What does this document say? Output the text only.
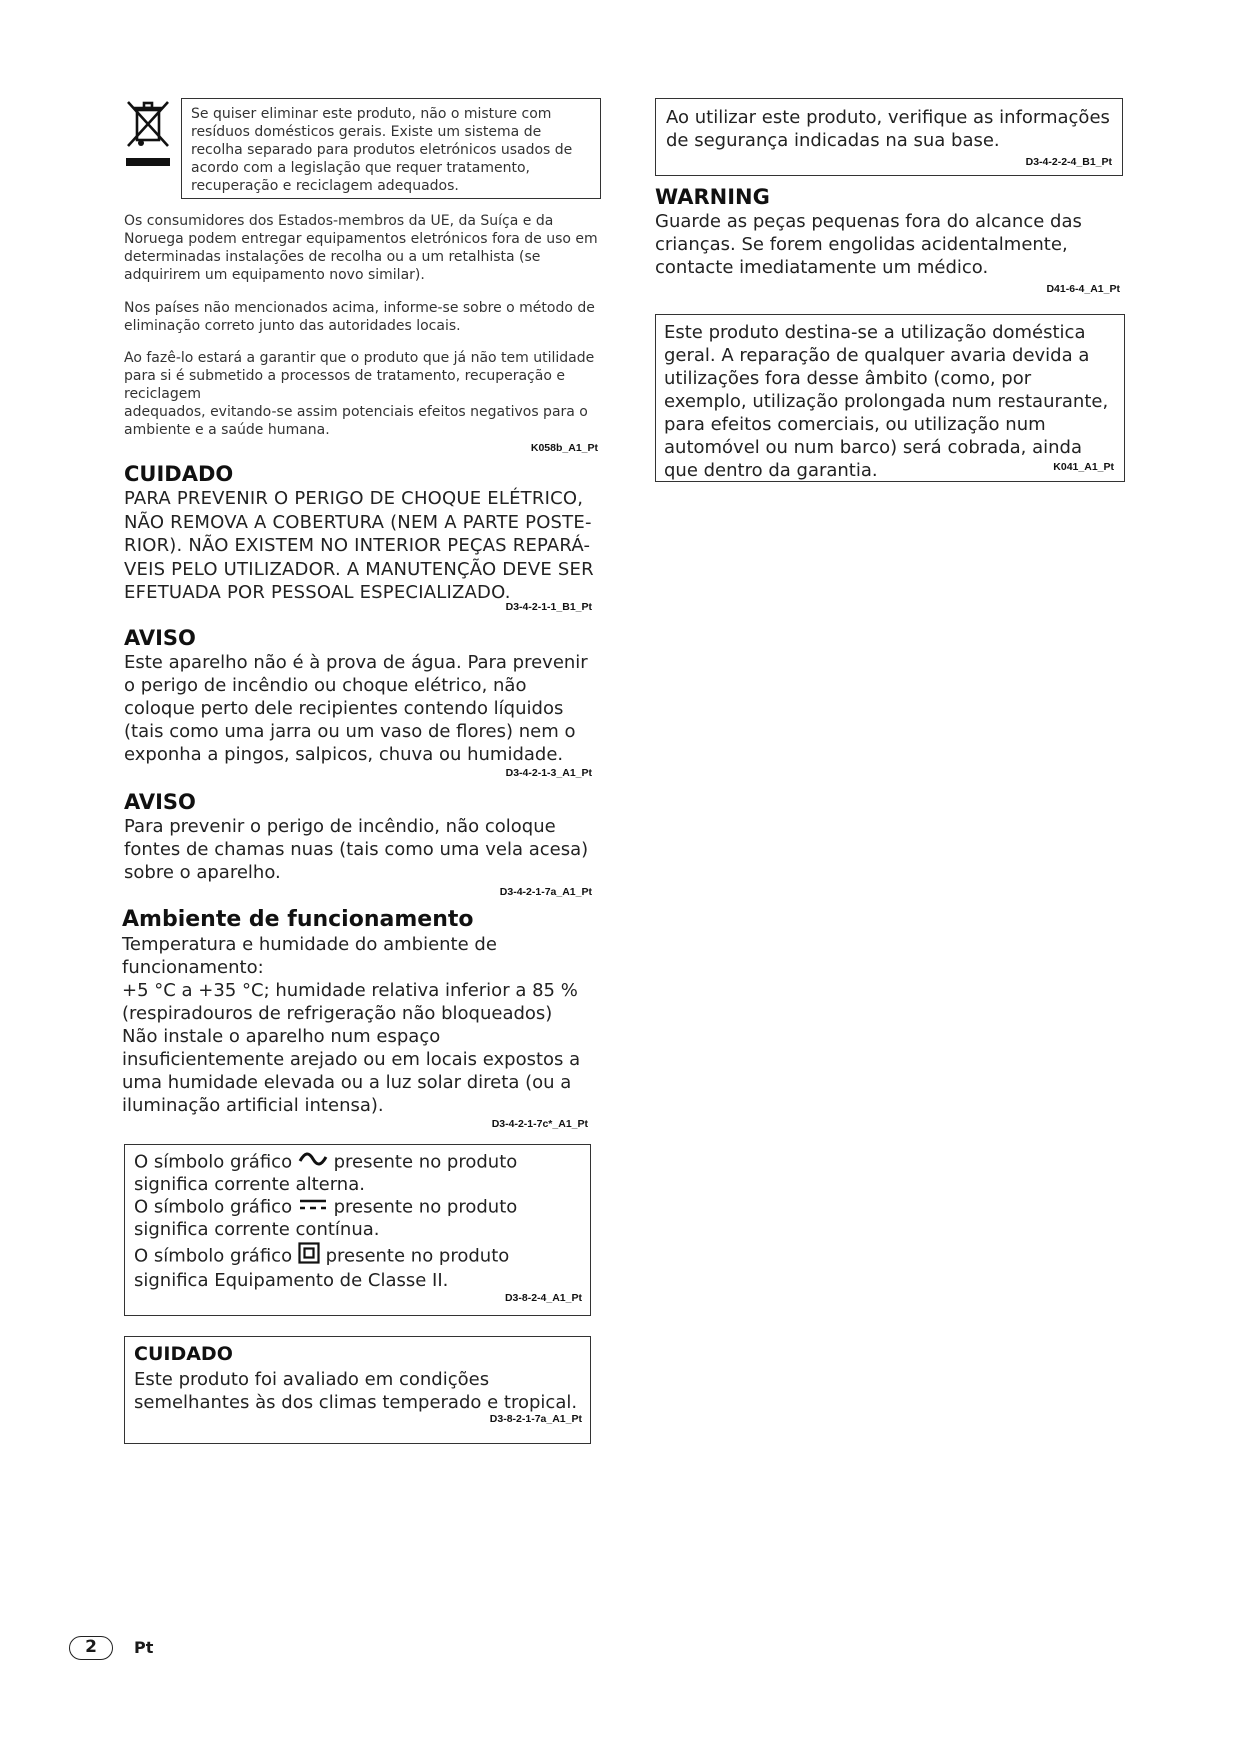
Se quiser eliminar este produto, não o misture com resíduos domésticos gerais. Existe um sistema de recolha separado para produtos eletrónicos usados de acordo com a legislação que requer tratamento, recuperação e reciclagem adequados.

Os consumidores dos Estados-membros da UE, da Suíça e da Noruega podem entregar equipamentos eletrónicos fora de uso em determinadas instalações de recolha ou a um retalhista (se adquirirem um equipamento novo similar).

Nos países não mencionados acima, informe-se sobre o método de eliminação correto junto das autoridades locais.

Ao fazê-lo estará a garantir que o produto que já não tem utilidade para si é submetido a processos de tratamento, recuperação e reciclagem

adequados, evitando-se assim potenciais efeitos negativos para o ambiente e a saúde humana.

K058b_A1_Pt
CUIDADO

PARA PREVENIR O PERIGO DE CHOQUE ELÉTRICO, NÃO REMOVA A COBERTURA (NEM A PARTE POSTE-RIOR). NÃO EXISTEM NO INTERIOR PEÇAS REPARÁ-VEIS PELO UTILIZADOR. A MANUTENÇÃO DEVE SER EFETUADA POR PESSOAL ESPECIALIZADO.

D3-4-2-1-1_B1_Pt
AVISO

Este aparelho não é à prova de água. Para prevenir o perigo de incêndio ou choque elétrico, não coloque perto dele recipientes contendo líquidos (tais como uma jarra ou um vaso de flores) nem o exponha a pingos, salpicos, chuva ou humidade.

D3-4-2-1-3_A1_Pt
AVISO

Para prevenir o perigo de incêndio, não coloque fontes de chamas nuas (tais como uma vela acesa) sobre o aparelho.

D3-4-2-1-7a_A1_Pt
Ambiente de funcionamento

Temperatura e humidade do ambiente de funcionamento:

+5 °C a +35 °C; humidade relativa inferior a 85 % (respiradouros de refrigeração não bloqueados)

Não instale o aparelho num espaço insuficientemente arejado ou em locais expostos a uma humidade elevada ou a luz solar direta (ou a iluminação artificial intensa).

D3-4-2-1-7c*_A1_Pt

O símbolo gráfico presente no produto significa corrente alterna.

O símbolo gráfico presente no produto significa corrente contínua.

O símbolo gráfico presente no produto significa Equipamento de Classe II.

D3-8-2-4_A1_Pt
CUIDADO

Este produto foi avaliado em condições semelhantes às dos climas temperado e tropical.

D3-8-2-1-7a_A1_Pt

Ao utilizar este produto, verifique as informações de segurança indicadas na sua base.

D3-4-2-2-4_B1_Pt
WARNING

Guarde as peças pequenas fora do alcance das crianças. Se forem engolidas acidentalmente, contacte imediatamente um médico.

D41-6-4_A1_Pt

Este produto destina-se a utilização doméstica geral. A reparação de qualquer avaria devida a utilizações fora desse âmbito (como, por exemplo, utilização prolongada num restaurante, para efeitos comerciais, ou utilização num automóvel ou num barco) será cobrada, ainda que dentro da garantia.	K041_A1_Pt
2	Pt
